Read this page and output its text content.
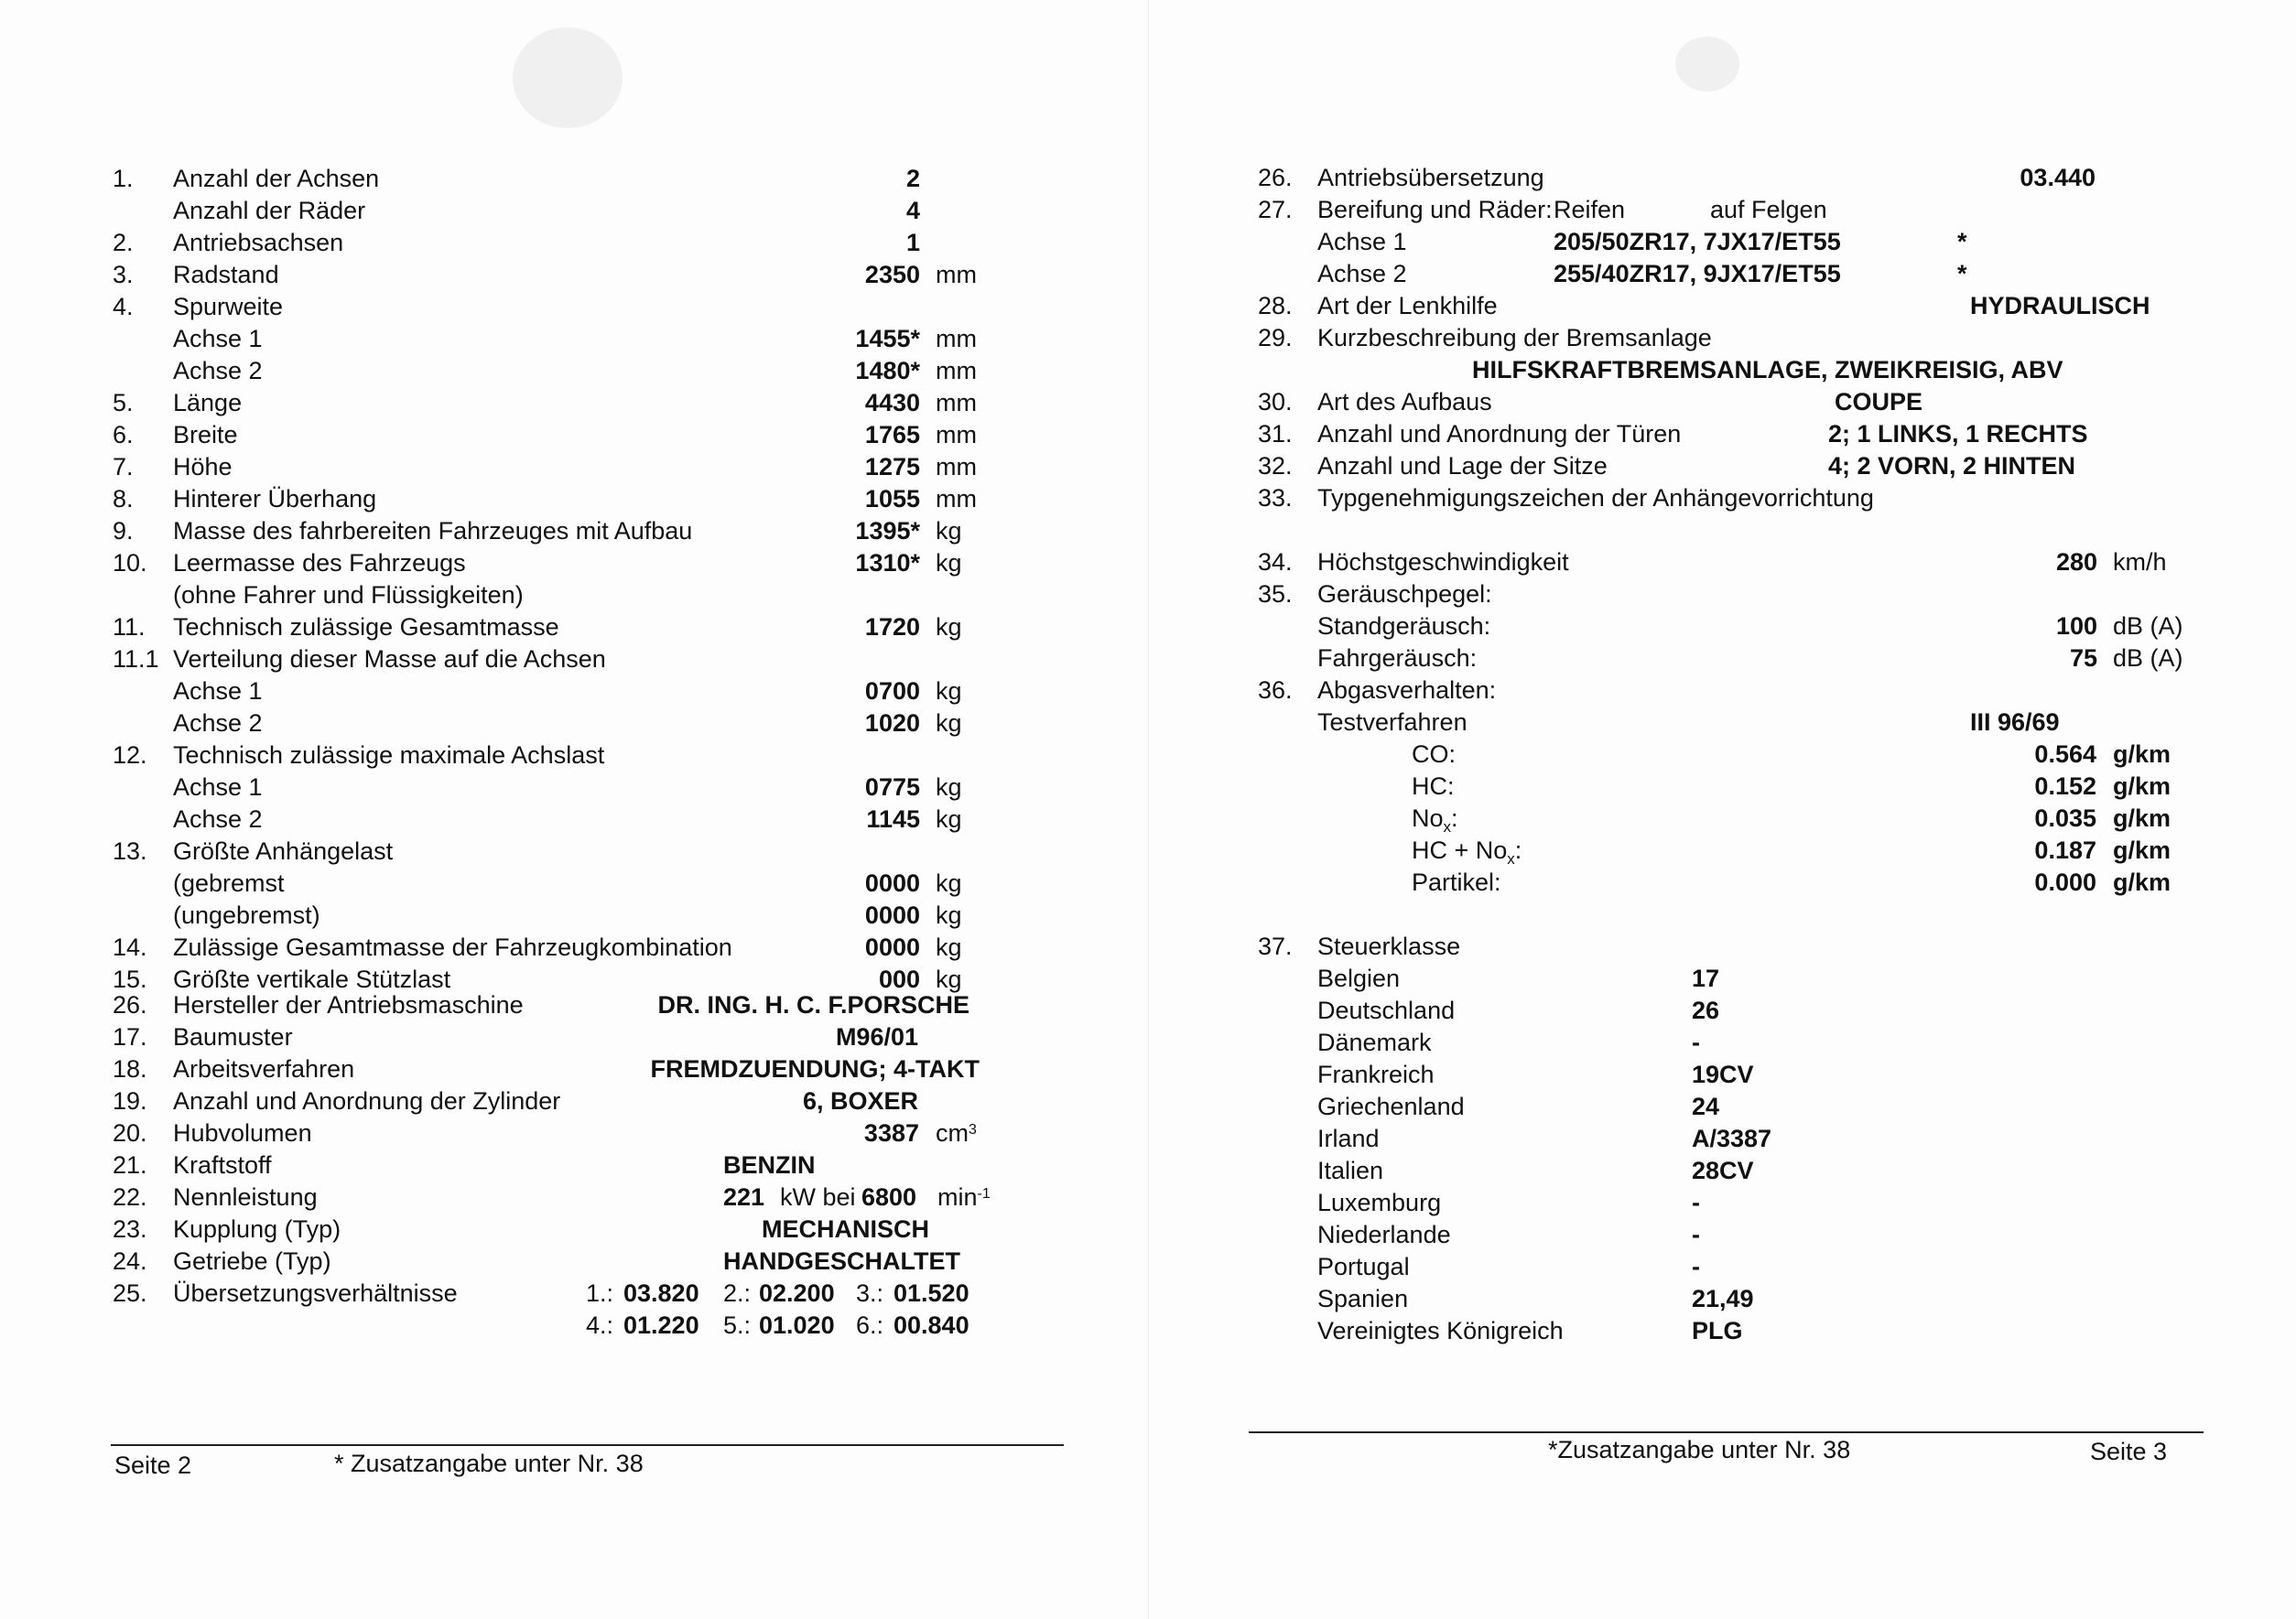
1. Anzahl der Achsen	2
Anzahl der Räder	4
2. Antriebsachsen	1
3. Radstand	2350 mm
4. Spurweite
Achse 1	1455* mm
Achse 2	1480* mm
5. Länge	4430 mm
6. Breite	1765 mm
7. Höhe	1275 mm
8. Hinterer Überhang	1055 mm
9. Masse des fahrbereiten Fahrzeuges mit Aufbau	1395* kg
10. Leermasse des Fahrzeugs	1310* kg
(ohne Fahrer und Flüssigkeiten)
11. Technisch zulässige Gesamtmasse	1720 kg
11.1 Verteilung dieser Masse auf die Achsen
Achse 1	0700 kg
Achse 2	1020 kg
12. Technisch zulässige maximale Achslast
Achse 1	0775 kg
Achse 2	1145 kg
13. Größte Anhängelast
(gebremst	0000 kg
(ungebremst)	0000 kg
14. Zulässige Gesamtmasse der Fahrzeugkombination	0000 kg
15. Größte vertikale Stützlast	000 kg
26. Hersteller der Antriebsmaschine	DR. ING. H. C. F.PORSCHE
17. Baumuster	M96/01
18. Arbeitsverfahren	FREMDZUENDUNG; 4-TAKT
19. Anzahl und Anordnung der Zylinder	6, BOXER
20. Hubvolumen	3387 $cm^3$
21. Kraftstoff	BENZIN
22. Nennleistung	221 kW bei 6800 $\min^{-1}$
23. Kupplung (Typ)	MECHANISCH
24. Getriebe (Typ)	HANDGESCHALTET
25. Übersetzungsverhältnisse	1.: 03.820 2.: 02.200 3.: 01.520
4.: 01.220 5.: 01.020 6.: 00.840
Seite 2	* Zusatzangabe unter Nr. 38
26. Antriebsübersetzung	03.440
27. Bereifung und Räder: Reifen	auf Felgen
Achse 1	205/50ZR17, 7JX17/ET55	*
Achse 2	255/40ZR17, 9JX17/ET55	*
28. Art der Lenkhilfe	HYDRAULISCH
29. Kurzbeschreibung der Bremsanlage
HILFSKRAFTBREMSANLAGE, ZWEIKREISIG, ABV
30. Art des Aufbaus	COUPE
31. Anzahl und Anordnung der Türen	2; 1 LINKS, 1 RECHTS
32. Anzahl und Lage der Sitze	4; 2 VORN, 2 HINTEN
33. Typgenehmigungszeichen der Anhängevorrichtung
34. Höchstgeschwindigkeit	280 km/h
35. Geräuschpegel:
Standgeräusch:	100 dB (A)
Fahrgeräusch:	75 dB (A)
36. Abgasverhalten:
Testverfahren	III 96/69
CO:	0.564 g/km
HC:	0.152 g/km
$No_x$:	0.035 g/km
HC + $No_x$:	0.187 g/km
Partikel:	0.000 g/km
37. Steuerklasse
Belgien	17
Deutschland	26
Dänemark	-
Frankreich	19CV
Griechenland	24
Irland	A/3387
Italien	28CV
Luxemburg	-
Niederlande	-
Portugal	-
Spanien	21,49
Vereinigtes Königreich	PLG
*Zusatzangabe unter Nr. 38	Seite 3
